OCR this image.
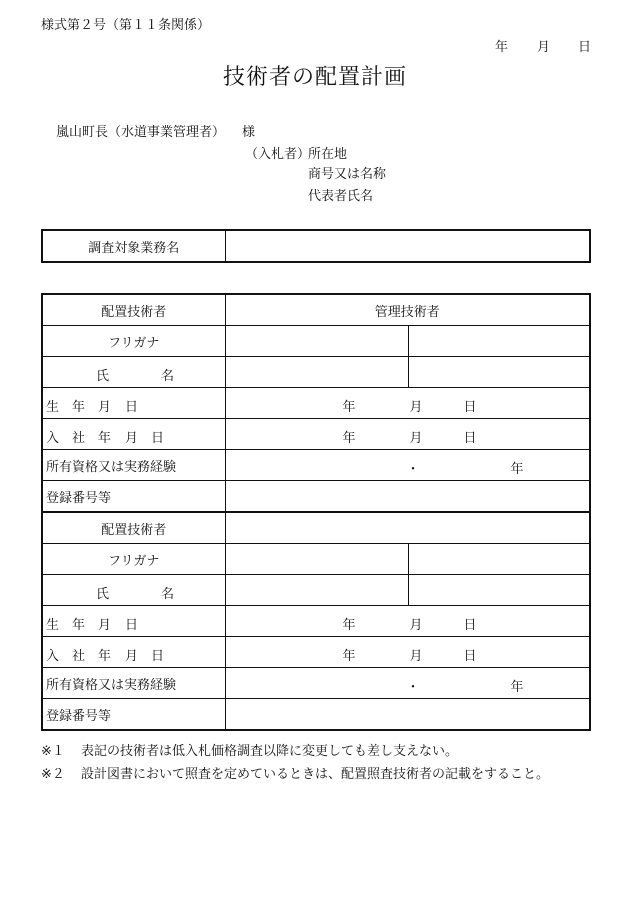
様式第２号（第１１条関係）
年 月 日
技術者の配置計画
嵐山町長（水道事業管理者） 様
（入札者）
所在地
商号又は名称
代表者氏名
調査対象業務名	
配置技術者	管理技術者	
フリガナ		

氏 名		

生 年 月 日	年 月 日	

入 社 年 月 日	年 月 日	

所有資格又は実務経験	・ 年	

登録番号等		
配置技術者		
フリガナ		

氏 名		

生 年 月 日	年 月 日	

入 社 年 月 日	年 月 日	

所有資格又は実務経験	・ 年	

登録番号等		
※１ 表記の技術者は低入札価格調査以降に変更しても差し支えない。
※２ 設計図書において照査を定めているときは、配置照査技術者の記載をすること。
